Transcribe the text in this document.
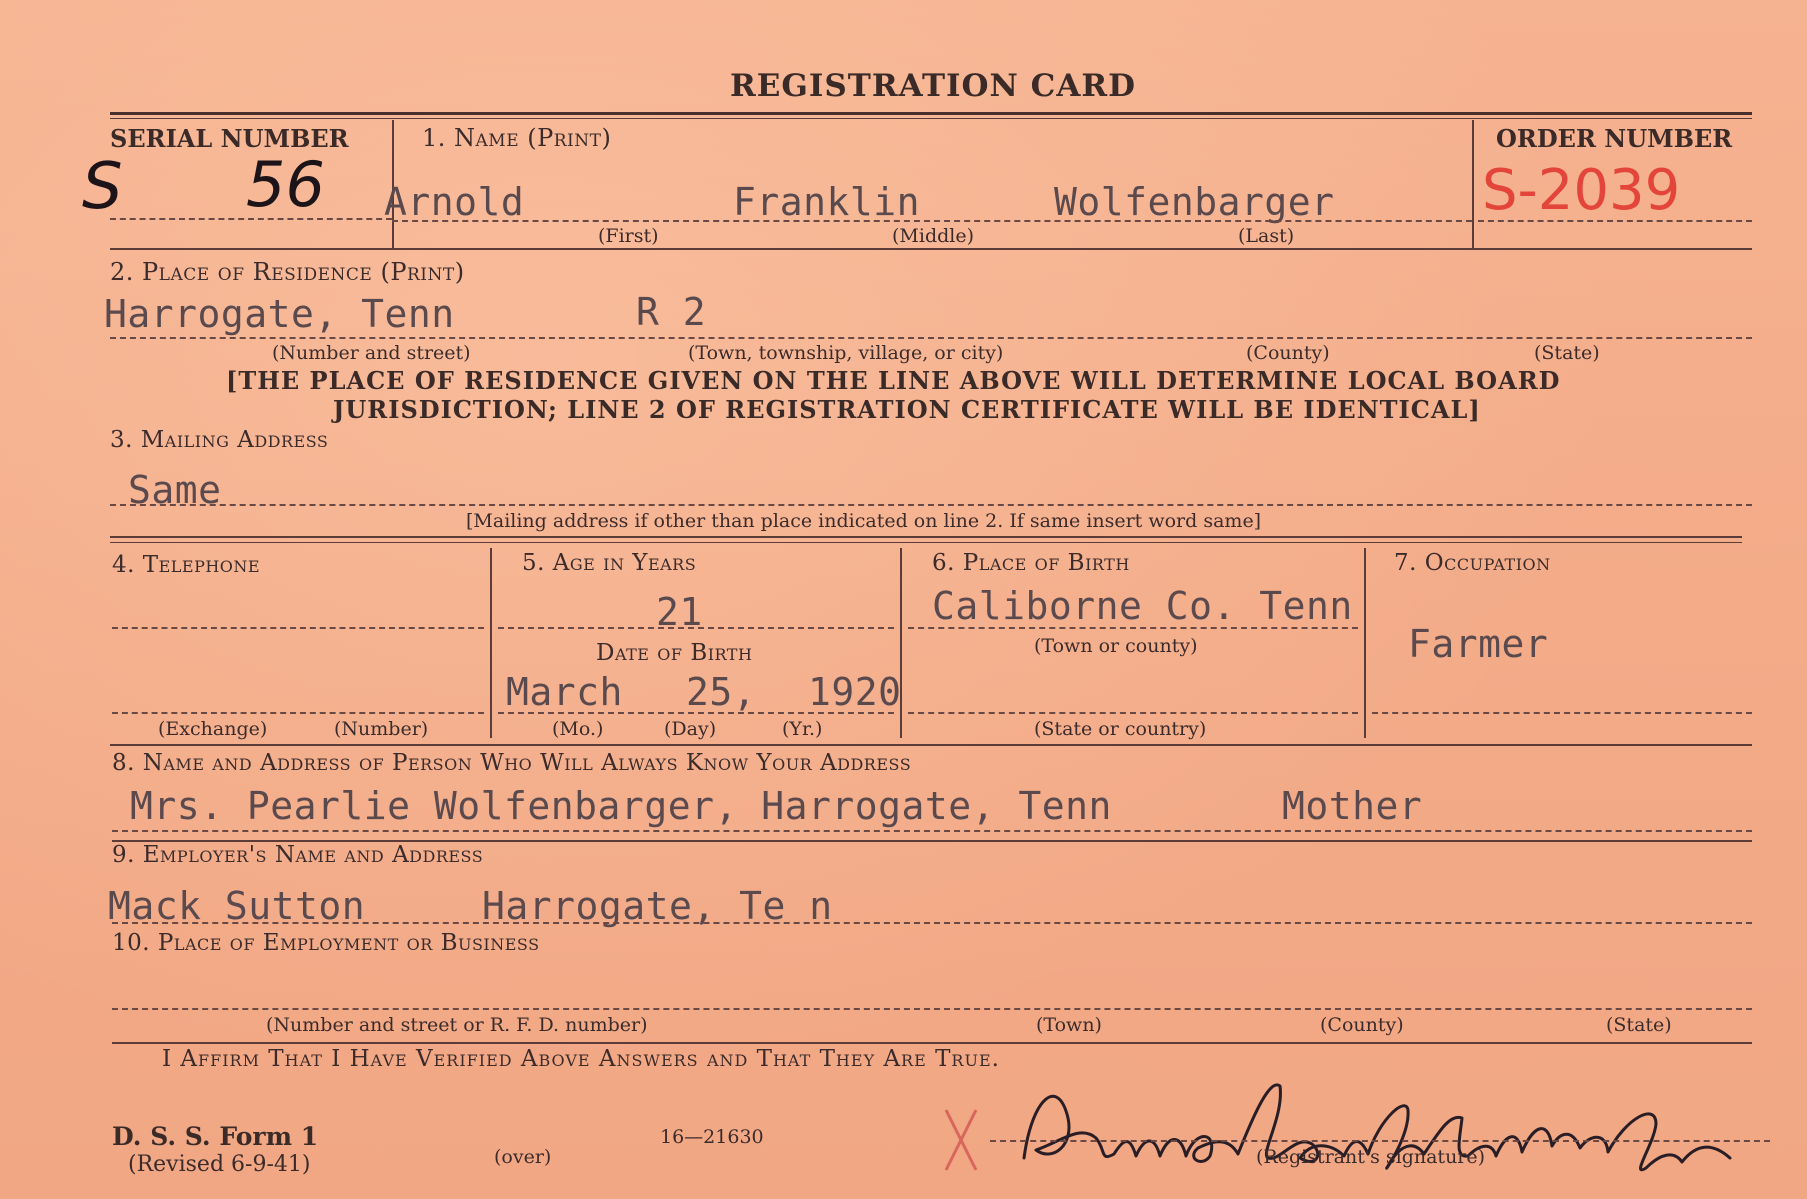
REGISTRATION CARD
SERIAL NUMBER
S 56
1. Name (Print)
Arnold	Franklin	Wolfenbarger
(First)	(Middle)	(Last)
ORDER NUMBER
S-2039
2. Place of Residence (Print)
Harrogate, Tenn	R 2
(Number and street)	(Town, township, village, or city)	(County)	(State)
[THE PLACE OF RESIDENCE GIVEN ON THE LINE ABOVE WILL DETERMINE LOCAL BOARD
JURISDICTION; LINE 2 OF REGISTRATION CERTIFICATE WILL BE IDENTICAL]
3. Mailing Address
Same
[Mailing address if other than place indicated on line 2. If same insert word same]
4. Telephone
(Exchange)	(Number)
5. Age in Years
21
Date of Birth
March 25, 1920
(Mo.)	(Day)	(Yr.)
6. Place of Birth
Caliborne Co. Tenn
(Town or county)
(State or country)
7. Occupation
Farmer
8. Name and Address of Person Who Will Always Know Your Address
Mrs. Pearlie Wolfenbarger, Harrogate, Tenn	Mother
9. Employer's Name and Address
Mack Sutton	Harrogate, Te n
10. Place of Employment or Business
(Number and street or R. F. D. number)	(Town)	(County)	(State)
I Affirm That I Have Verified Above Answers and That They Are True.
(Registrant's signature)
D. S. S. Form 1
(Revised 6-9-41)	(over)
16—21630
